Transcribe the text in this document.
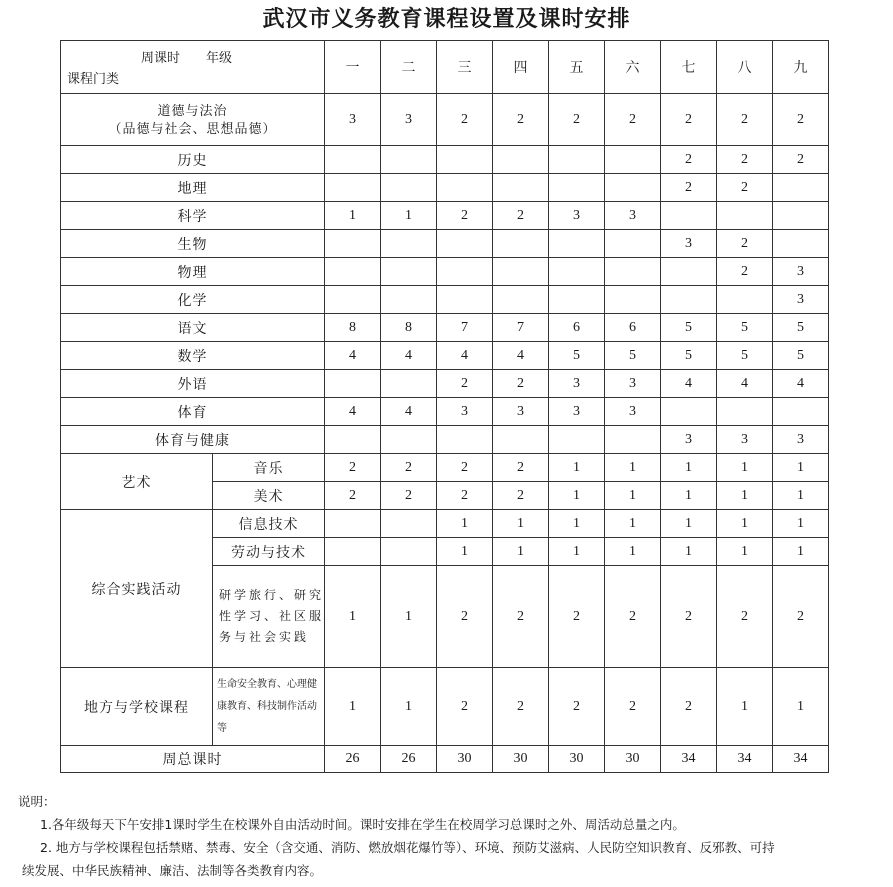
武汉市义务教育课程设置及课时安排
周课时　　年级
课程门类		一	二	三	四	五	六	七	八	九

道德与法治
（品德与社会、思想品德）		3	3	2	2	2	2	2	2	2
历史								2	2	2
地理								2	2	
科学		1	1	2	2	3	3			
生物								3	2	
物理									2	3
化学										3
语文		8	8	7	7	6	6	5	5	5
数学		4	4	4	4	5	5	5	5	5
外语				2	2	3	3	4	4	4
体育		4	4	3	3	3	3			
体育与健康								3	3	3
艺术	音乐	2	2	2	2	1	1	1	1	1
	美术	2	2	2	2	1	1	1	1	1
综合实践活动	信息技术			1	1	1	1	1	1	1
	劳动与技术			1	1	1	1	1	1	1
	研学旅行、研究性学习、社区服务与社会实践	1	1	2	2	2	2	2	2	2
地方与学校课程	生命安全教育、心理健康教育、科技制作活动等	1	1	2	2	2	2	2	1	1
周总课时		26	26	30	30	30	30	34	34	34
说明：
1.各年级每天下午安排1课时学生在校课外自由活动时间。课时安排在学生在校周学习总课时之外、周活动总量之内。
2. 地方与学校课程包括禁赌、禁毒、安全（含交通、消防、燃放烟花爆竹等）、环境、预防艾滋病、人民防空知识教育、反邪教、可持
续发展、中华民族精神、廉洁、法制等各类教育内容。
